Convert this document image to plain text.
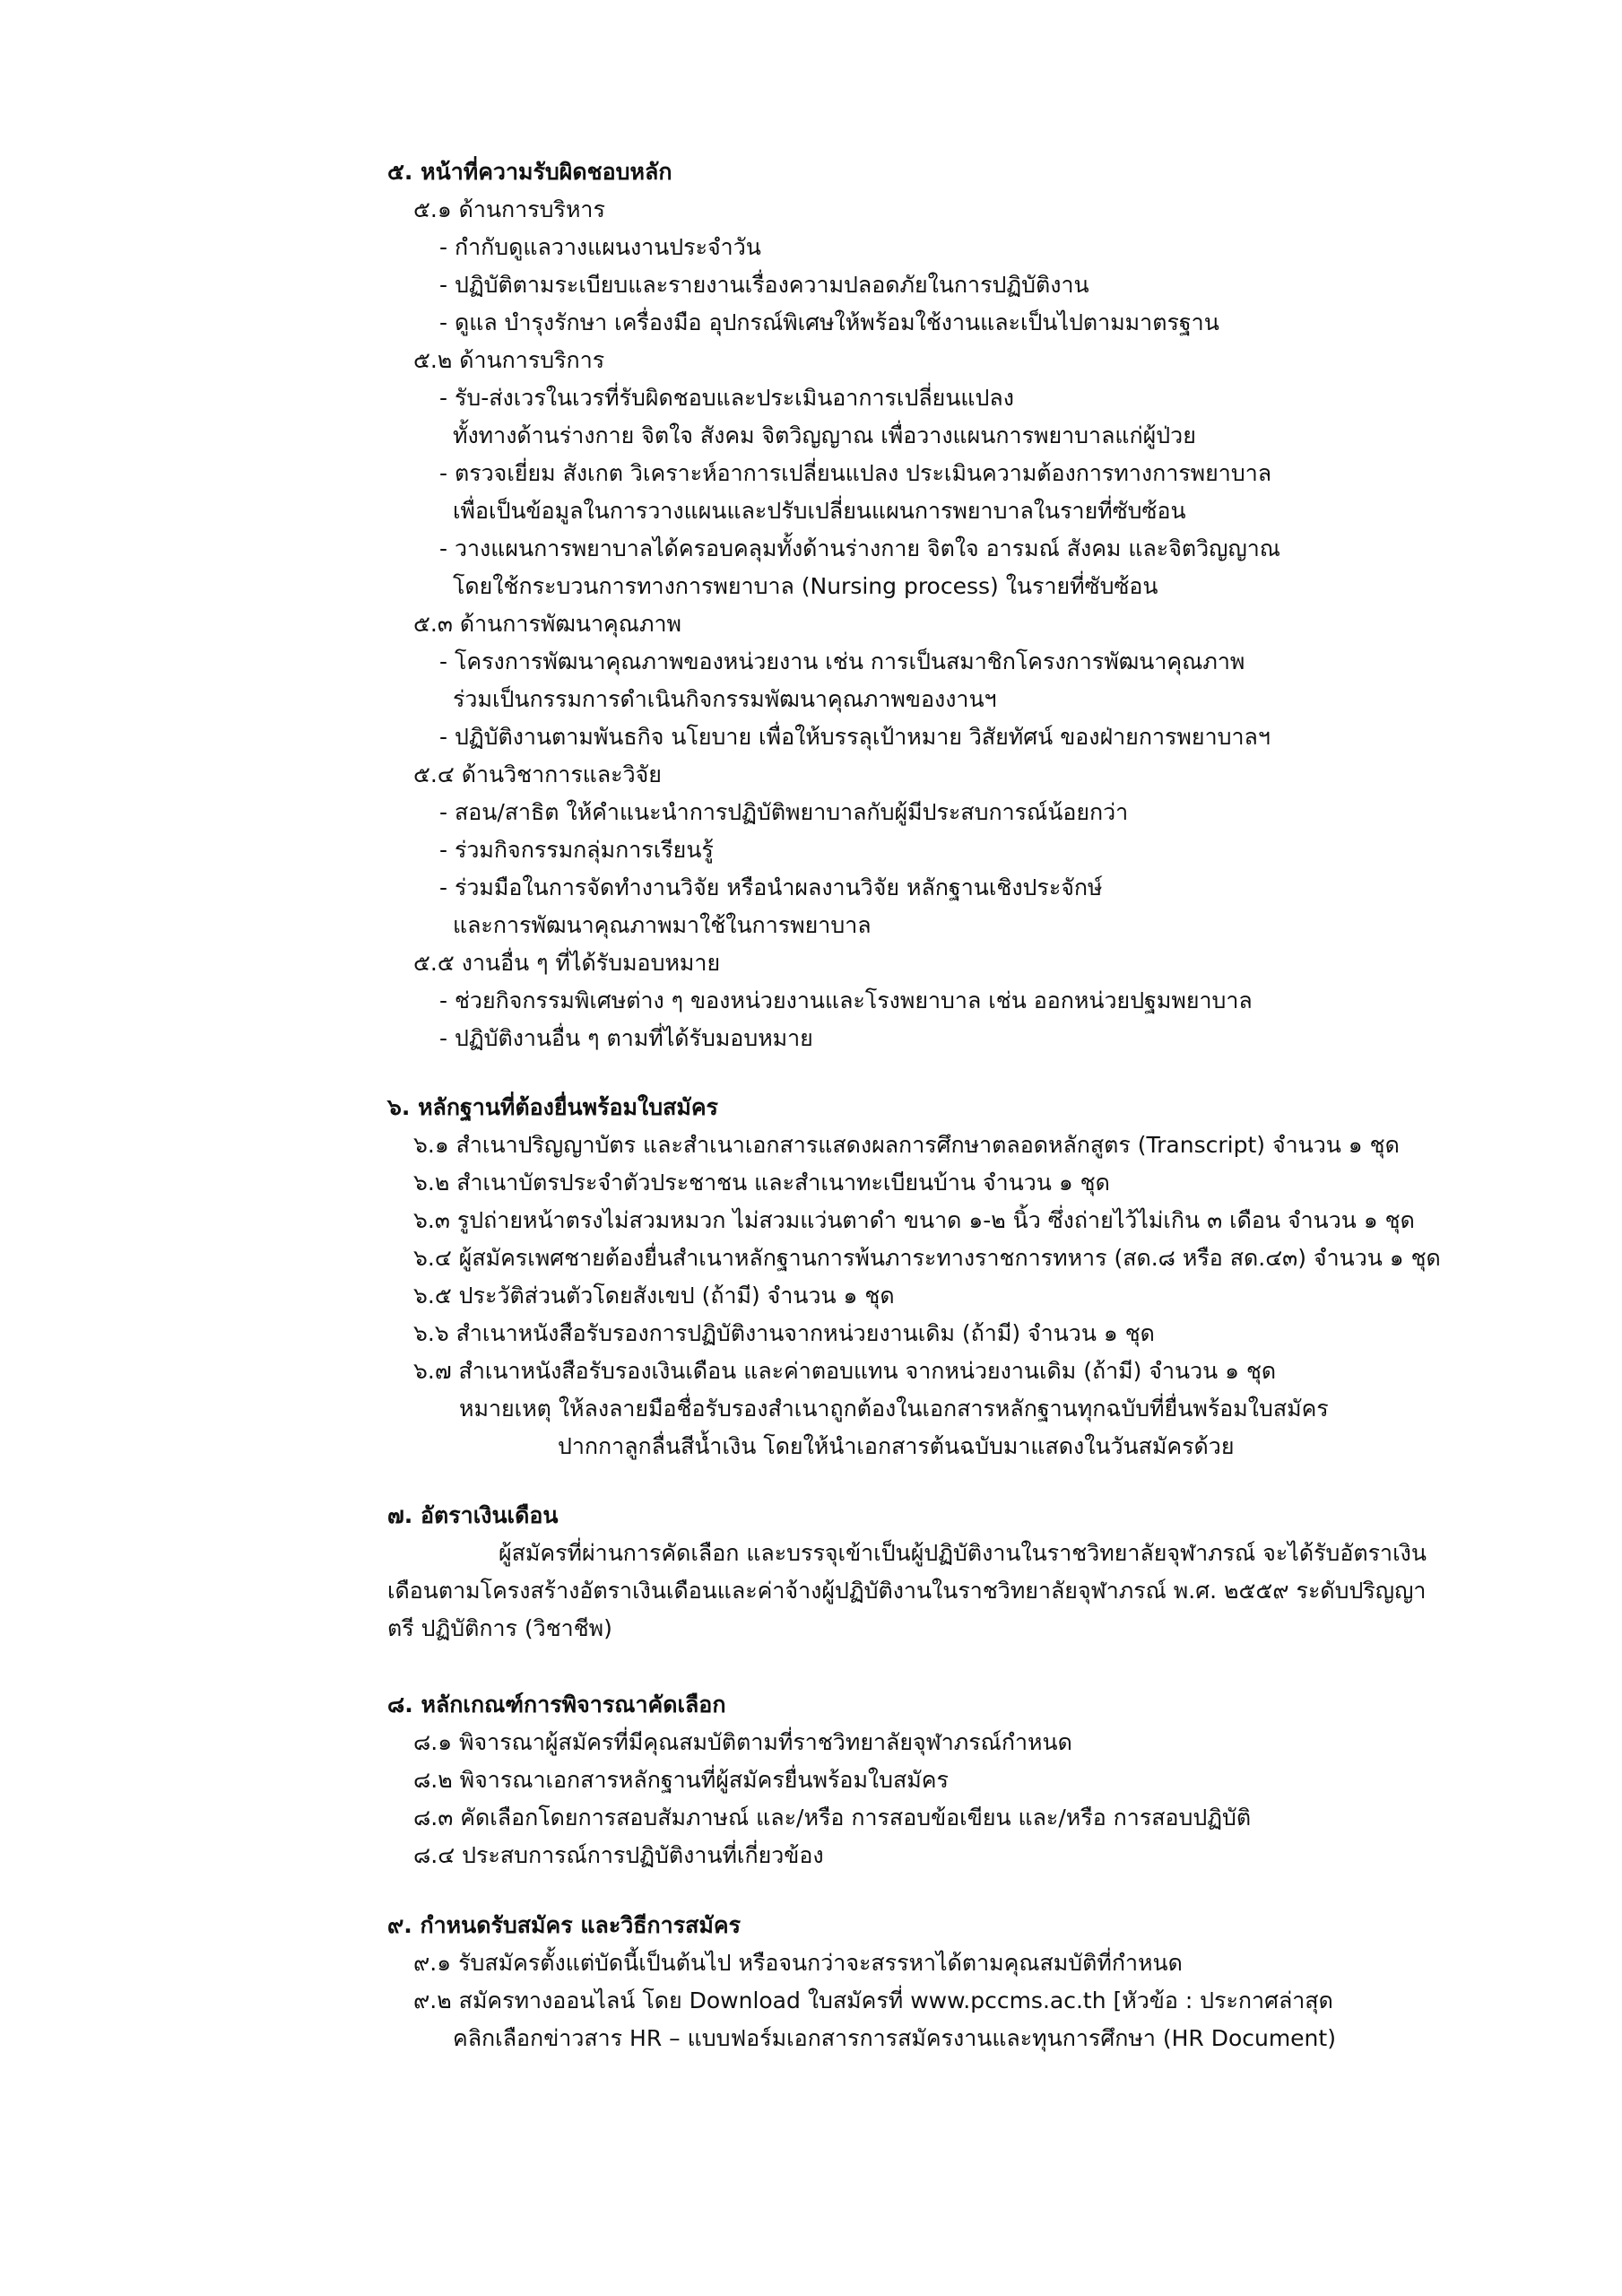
๕. หน้าที่ความรับผิดชอบหลัก
๕.๑ ด้านการบริหาร
- กำกับดูแลวางแผนงานประจำวัน
- ปฏิบัติตามระเบียบและรายงานเรื่องความปลอดภัยในการปฏิบัติงาน
- ดูแล บำรุงรักษา เครื่องมือ อุปกรณ์พิเศษให้พร้อมใช้งานและเป็นไปตามมาตรฐาน
๕.๒ ด้านการบริการ
- รับ-ส่งเวรในเวรที่รับผิดชอบและประเมินอาการเปลี่ยนแปลง
ทั้งทางด้านร่างกาย จิตใจ สังคม จิตวิญญาณ เพื่อวางแผนการพยาบาลแก่ผู้ป่วย
- ตรวจเยี่ยม สังเกต วิเคราะห์อาการเปลี่ยนแปลง ประเมินความต้องการทางการพยาบาล
เพื่อเป็นข้อมูลในการวางแผนและปรับเปลี่ยนแผนการพยาบาลในรายที่ซับซ้อน
- วางแผนการพยาบาลได้ครอบคลุมทั้งด้านร่างกาย จิตใจ อารมณ์ สังคม และจิตวิญญาณ
โดยใช้กระบวนการทางการพยาบาล (Nursing process) ในรายที่ซับซ้อน
๕.๓ ด้านการพัฒนาคุณภาพ
- โครงการพัฒนาคุณภาพของหน่วยงาน เช่น การเป็นสมาชิกโครงการพัฒนาคุณภาพ
ร่วมเป็นกรรมการดำเนินกิจกรรมพัฒนาคุณภาพของงานฯ
- ปฏิบัติงานตามพันธกิจ นโยบาย เพื่อให้บรรลุเป้าหมาย วิสัยทัศน์ ของฝ่ายการพยาบาลฯ
๕.๔ ด้านวิชาการและวิจัย
- สอน/สาธิต ให้คำแนะนำการปฏิบัติพยาบาลกับผู้มีประสบการณ์น้อยกว่า
- ร่วมกิจกรรมกลุ่มการเรียนรู้
- ร่วมมือในการจัดทำงานวิจัย หรือนำผลงานวิจัย หลักฐานเชิงประจักษ์
และการพัฒนาคุณภาพมาใช้ในการพยาบาล
๕.๕ งานอื่น ๆ ที่ได้รับมอบหมาย
- ช่วยกิจกรรมพิเศษต่าง ๆ ของหน่วยงานและโรงพยาบาล เช่น ออกหน่วยปฐมพยาบาล
- ปฏิบัติงานอื่น ๆ ตามที่ได้รับมอบหมาย
๖. หลักฐานที่ต้องยื่นพร้อมใบสมัคร
๖.๑ สำเนาปริญญาบัตร และสำเนาเอกสารแสดงผลการศึกษาตลอดหลักสูตร (Transcript) จำนวน ๑ ชุด
๖.๒ สำเนาบัตรประจำตัวประชาชน และสำเนาทะเบียนบ้าน จำนวน ๑ ชุด
๖.๓ รูปถ่ายหน้าตรงไม่สวมหมวก ไม่สวมแว่นตาดำ ขนาด ๑-๒ นิ้ว ซึ่งถ่ายไว้ไม่เกิน ๓ เดือน จำนวน ๑ ชุด
๖.๔ ผู้สมัครเพศชายต้องยื่นสำเนาหลักฐานการพ้นภาระทางราชการทหาร (สด.๘ หรือ สด.๔๓) จำนวน ๑ ชุด
๖.๕ ประวัติส่วนตัวโดยสังเขป (ถ้ามี) จำนวน ๑ ชุด
๖.๖ สำเนาหนังสือรับรองการปฏิบัติงานจากหน่วยงานเดิม (ถ้ามี) จำนวน ๑ ชุด
๖.๗ สำเนาหนังสือรับรองเงินเดือน และค่าตอบแทน จากหน่วยงานเดิม (ถ้ามี) จำนวน ๑ ชุด
หมายเหตุ ให้ลงลายมือชื่อรับรองสำเนาถูกต้องในเอกสารหลักฐานทุกฉบับที่ยื่นพร้อมใบสมัคร
ปากกาลูกลื่นสีน้ำเงิน โดยให้นำเอกสารต้นฉบับมาแสดงในวันสมัครด้วย
๗. อัตราเงินเดือน
ผู้สมัครที่ผ่านการคัดเลือก และบรรจุเข้าเป็นผู้ปฏิบัติงานในราชวิทยาลัยจุฬาภรณ์ จะได้รับอัตราเงิน
เดือนตามโครงสร้างอัตราเงินเดือนและค่าจ้างผู้ปฏิบัติงานในราชวิทยาลัยจุฬาภรณ์ พ.ศ. ๒๕๕๙ ระดับปริญญา
ตรี ปฏิบัติการ (วิชาชีพ)
๘. หลักเกณฑ์การพิจารณาคัดเลือก
๘.๑ พิจารณาผู้สมัครที่มีคุณสมบัติตามที่ราชวิทยาลัยจุฬาภรณ์กำหนด
๘.๒ พิจารณาเอกสารหลักฐานที่ผู้สมัครยื่นพร้อมใบสมัคร
๘.๓ คัดเลือกโดยการสอบสัมภาษณ์ และ/หรือ การสอบข้อเขียน และ/หรือ การสอบปฏิบัติ
๘.๔ ประสบการณ์การปฏิบัติงานที่เกี่ยวข้อง
๙. กำหนดรับสมัคร และวิธีการสมัคร
๙.๑ รับสมัครตั้งแต่บัดนี้เป็นต้นไป หรือจนกว่าจะสรรหาได้ตามคุณสมบัติที่กำหนด
๙.๒ สมัครทางออนไลน์ โดย Download ใบสมัครที่ www.pccms.ac.th [หัวข้อ : ประกาศล่าสุด
คลิกเลือกข่าวสาร HR – แบบฟอร์มเอกสารการสมัครงานและทุนการศึกษา (HR Document)
